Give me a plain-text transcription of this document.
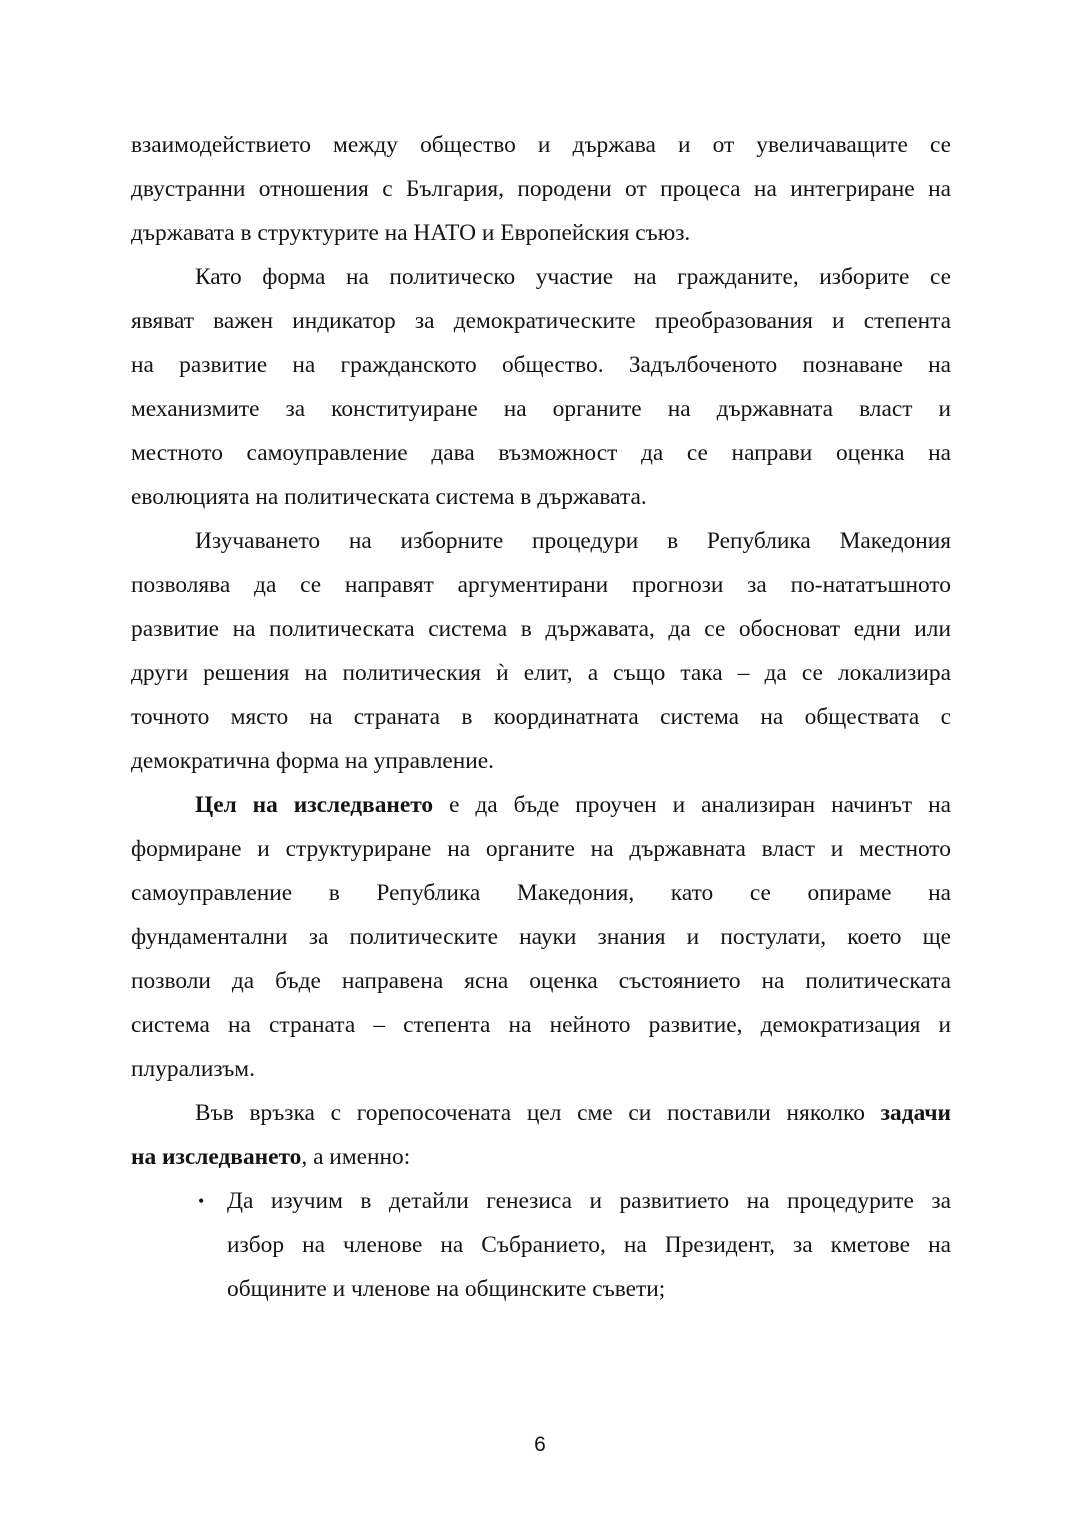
взаимодействието между общество и държава и от увеличаващите се
двустранни отношения с България, породени от процеса на интегриране на
държавата в структурите на НАТО и Европейския съюз.

Като форма на политическо участие на гражданите, изборите се
явяват важен индикатор за демократическите преобразования и степента
на развитие на гражданското общество. Задълбоченото познаване на
механизмите за конституиране на органите на държавната власт и
местното самоуправление дава възможност да се направи оценка на
еволюцията на политическата система в държавата.

Изучаването на изборните процедури в Република Македония
позволява да се направят аргументирани прогнози за по-нататъшното
развитие на политическата система в държавата, да се обосноват едни или
други решения на политическия ѝ елит, а също така – да се локализира
точното място на страната в координатната система на обществата с
демократична форма на управление.

Цел на изследването е да бъде проучен и анализиран начинът на
формиране и структуриране на органите на държавната власт и местното
самоуправление в Република Македония, като се опираме на
фундаментални за политическите науки знания и постулати, което ще
позволи да бъде направена ясна оценка състоянието на политическата
система на страната – степента на нейното развитие, демократизация и
плурализъм.

Във връзка с горепосочената цел сме си поставили няколко задачи
на изследването, а именно:

• Да изучим в детайли генезиса и развитието на процедурите за
избор на членове на Събранието, на Президент, за кметове на
общините и членове на общинските съвети;
6
